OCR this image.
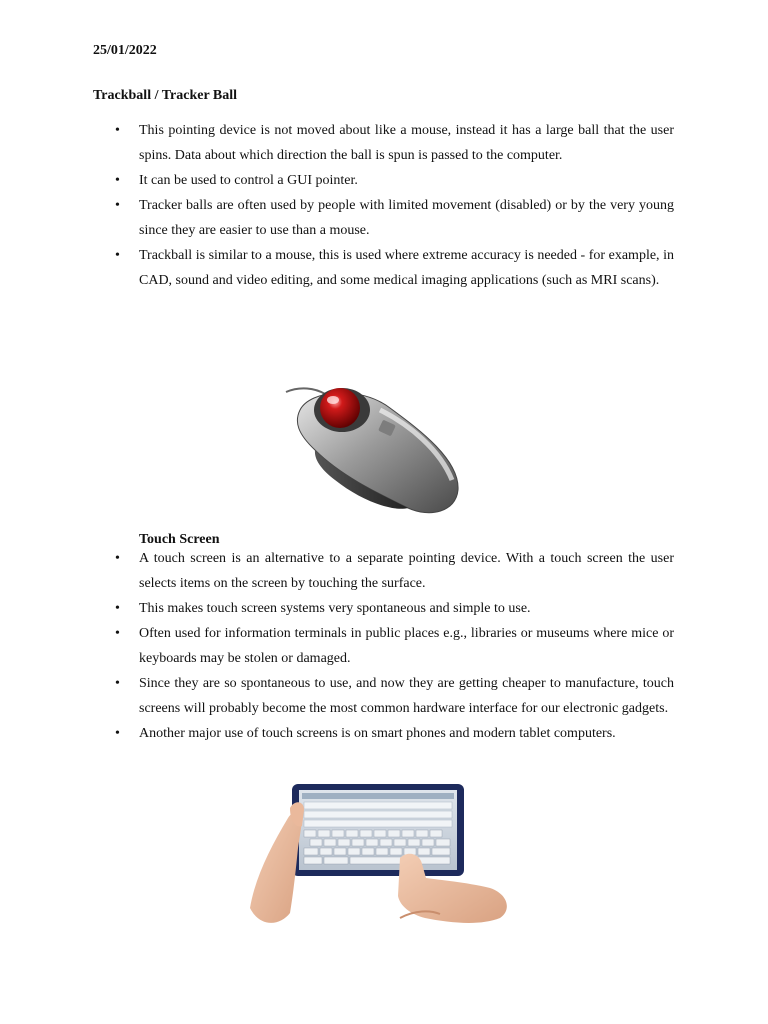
25/01/2022
Trackball / Tracker Ball
• This pointing device is not moved about like a mouse, instead it has a large ball that the user spins. Data about which direction the ball is spun is passed to the computer.
• It can be used to control a GUI pointer.
• Tracker balls are often used by people with limited movement (disabled) or by the very young since they are easier to use than a mouse.
• Trackball is similar to a mouse, this is used where extreme accuracy is needed - for example, in CAD, sound and video editing, and some medical imaging applications (such as MRI scans).
Touch Screen
• A touch screen is an alternative to a separate pointing device. With a touch screen the user selects items on the screen by touching the surface.
• This makes touch screen systems very spontaneous and simple to use.
• Often used for information terminals in public places e.g., libraries or museums where mice or keyboards may be stolen or damaged.
• Since they are so spontaneous to use, and now they are getting cheaper to manufacture, touch screens will probably become the most common hardware interface for our electronic gadgets.
• Another major use of touch screens is on smart phones and modern tablet computers.
